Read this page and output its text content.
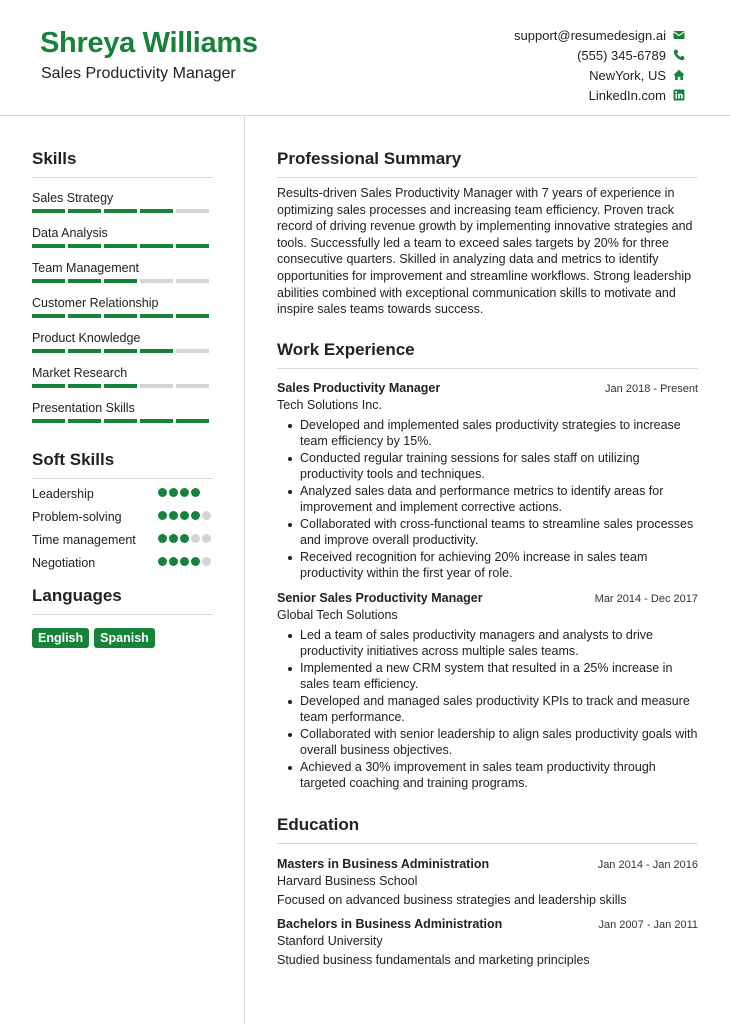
Shreya Williams
Sales Productivity Manager
support@resumedesign.ai
(555) 345-6789
NewYork, US
LinkedIn.com
Skills
Sales Strategy
Data Analysis
Team Management
Customer Relationship
Product Knowledge
Market Research
Presentation Skills
Soft Skills
Leadership
Problem-solving
Time management
Negotiation
Languages
English	Spanish
Professional Summary

Results-driven Sales Productivity Manager with 7 years of experience in optimizing sales processes and increasing team efficiency. Proven track record of driving revenue growth by implementing innovative strategies and tools. Successfully led a team to exceed sales targets by 20% for three consecutive quarters. Skilled in analyzing data and metrics to identify opportunities for improvement and streamline workflows. Strong leadership abilities combined with exceptional communication skills to motivate and inspire sales teams towards success.

Work Experience
Sales Productivity Manager	Jan 2018 - Present
Tech Solutions Inc.
Developed and implemented sales productivity strategies to increase team efficiency by 15%.
Conducted regular training sessions for sales staff on utilizing productivity tools and techniques.
Analyzed sales data and performance metrics to identify areas for improvement and implement corrective actions.
Collaborated with cross-functional teams to streamline sales processes and improve overall productivity.
Received recognition for achieving 20% increase in sales team productivity within the first year of role.
Senior Sales Productivity Manager	Mar 2014 - Dec 2017
Global Tech Solutions
Led a team of sales productivity managers and analysts to drive productivity initiatives across multiple sales teams.
Implemented a new CRM system that resulted in a 25% increase in sales team efficiency.
Developed and managed sales productivity KPIs to track and measure team performance.
Collaborated with senior leadership to align sales productivity goals with overall business objectives.
Achieved a 30% improvement in sales team productivity through targeted coaching and training programs.
Education
Masters in Business Administration	Jan 2014 - Jan 2016
Harvard Business School
Focused on advanced business strategies and leadership skills
Bachelors in Business Administration	Jan 2007 - Jan 2011
Stanford University
Studied business fundamentals and marketing principles
